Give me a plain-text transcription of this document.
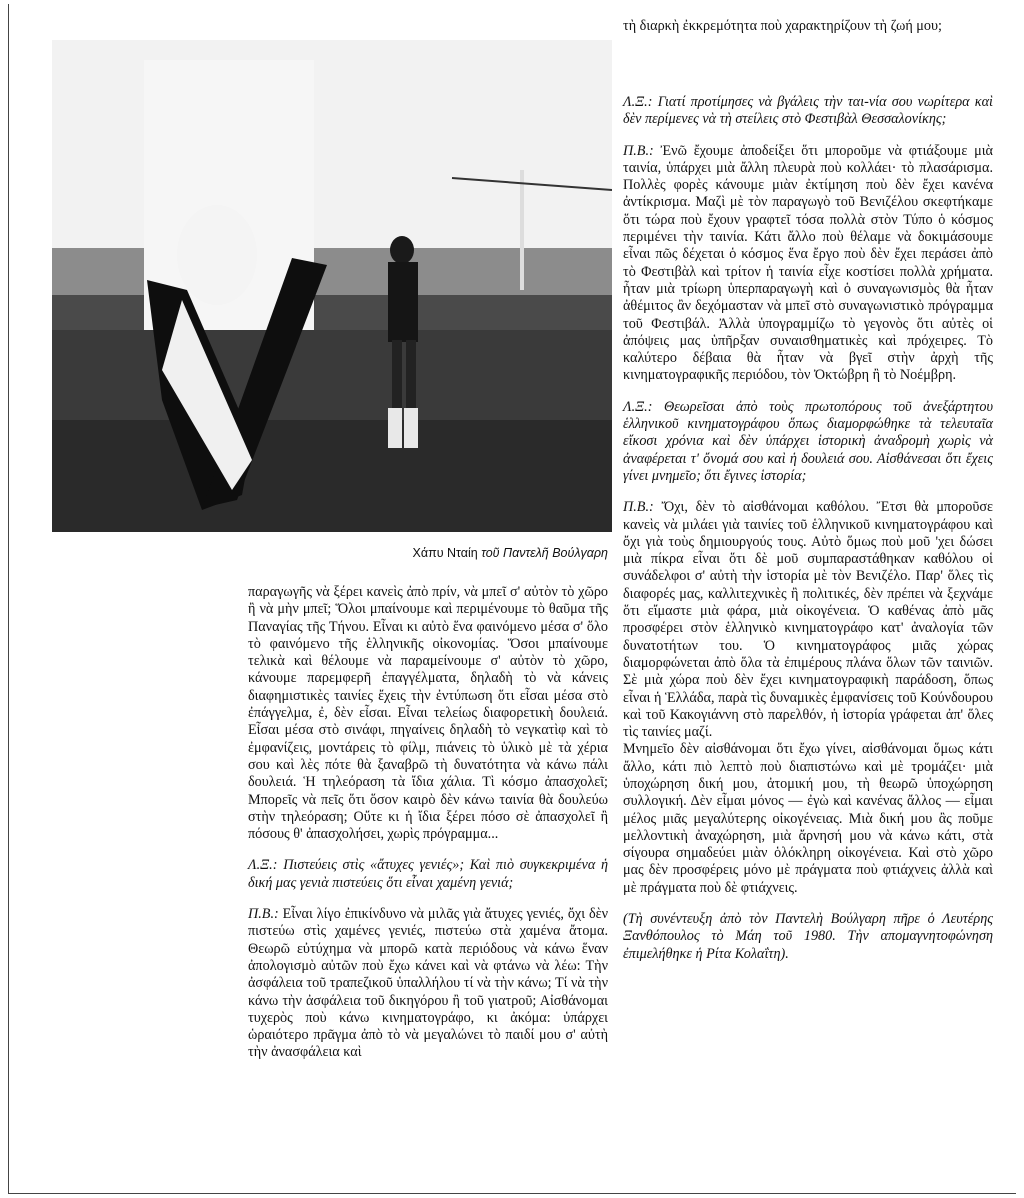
τὴ διαρκὴ ἐκκρεμότητα ποὺ χαρακτηρίζουν τὴ ζωή μου;

Χάπυ Νταίη τοῦ Παντελῆ Βούλγαρη

Λ.Ξ.: Γιατί προτίμησες νὰ βγάλεις τὴν ται-νία σου νωρίτερα καὶ δὲν περίμενες νὰ τὴ στείλεις στὸ Φεστιβὰλ Θεσσαλονίκης;

Π.Β.: Ἐνῶ ἔχουμε ἀποδείξει ὅτι μποροῦμε νὰ φτιάξουμε μιὰ ταινία, ὑπάρχει μιὰ ἄλλη πλευρὰ ποὺ κολλάει· τὸ πλασάρισμα. Πολλὲς φορὲς κάνουμε μιὰν ἐκτίμηση ποὺ δὲν ἔχει κανένα ἀντίκρισμα. Μαζὶ μὲ τὸν παραγωγὸ τοῦ Βενιζέλου σκεφτήκαμε ὅτι τώρα ποὺ ἔχουν γραφτεῖ τόσα πολλὰ στὸν Τύπο ὁ κόσμος περιμένει τὴν ταινία. Κάτι ἄλλο ποὺ θέλαμε νὰ δοκιμάσουμε εἶναι πῶς δέχεται ὁ κόσμος ἕνα ἔργο ποὺ δὲν ἔχει περάσει ἀπὸ τὸ Φεστιβὰλ καὶ τρίτον ἡ ταινία εἶχε κοστίσει πολλὰ χρήματα. ἦταν μιὰ τρίωρη ὑπερπαραγωγὴ καὶ ὁ συναγωνισμὸς θὰ ἦταν ἀθέμιτος ἂν δεχόμασταν νὰ μπεῖ στὸ συναγωνιστικὸ πρόγραμμα τοῦ Φεστιβάλ. Ἀλλὰ ὑπογραμμίζω τὸ γεγονὸς ὅτι αὐτὲς οἱ ἀπόψεις μας ὑπῆρξαν συναισθηματικὲς καὶ πρόχειρες. Τὸ καλύτερο δέβαια θὰ ἦταν νὰ βγεῖ στὴν ἀρχὴ τῆς κινηματογραφικῆς περιόδου, τὸν Ὀκτώβρη ἢ τὸ Νοέμβρη.

Λ.Ξ.: Θεωρεῖσαι ἀπὸ τοὺς πρωτοπόρους τοῦ ἀνεξάρτητου ἑλληνικοῦ κινηματογράφου ὅπως διαμορφώθηκε τὰ τελευταῖα εἴκοσι χρόνια καὶ δὲν ὑπάρχει ἱστορικὴ ἀναδρομὴ χωρὶς νὰ ἀναφέρεται τ' ὄνομά σου καὶ ἡ δουλειά σου. Αἰσθάνεσαι ὅτι ἔχεις γίνει μνημεῖο; ὅτι ἔγινες ἱστορία;

Π.Β.: Ὄχι, δὲν τὸ αἰσθάνομαι καθόλου. Ἔτσι θὰ μποροῦσε κανεὶς νὰ μιλάει γιὰ ταινίες τοῦ ἑλληνικοῦ κινηματογράφου καὶ ὄχι γιὰ τοὺς δημιουργούς τους. Αὐτὸ ὅμως ποὺ μοῦ 'χει δώσει μιὰ πίκρα εἶναι ὅτι δὲ μοῦ συμπαραστάθηκαν καθόλου οἱ συνάδελφοι σ' αὐτὴ τὴν ἱστορία μὲ τὸν Βενιζέλο. Παρ' ὅλες τὶς διαφορές μας, καλλιτεχνικὲς ἢ πολιτικές, δὲν πρέπει νὰ ξεχνάμε ὅτι εἴμαστε μιὰ φάρα, μιὰ οἰκογένεια. Ὁ καθένας ἀπὸ μᾶς προσφέρει στὸν ἑλληνικὸ κινηματογράφο κατ' ἀναλογία τῶν δυνατοτήτων του. Ὁ κινηματογράφος μιᾶς χώρας διαμορφώνεται ἀπὸ ὅλα τὰ ἐπιμέρους πλάνα ὅλων τῶν ταινιῶν. Σὲ μιὰ χώρα ποὺ δὲν ἔχει κινηματογραφικὴ παράδοση, ὅπως εἶναι ἡ Ἑλλάδα, παρὰ τὶς δυναμικὲς ἐμφανίσεις τοῦ Κούνδουρου καὶ τοῦ Κακογιάννη στὸ παρελθόν, ἡ ἱστορία γράφεται ἀπ' ὅλες τὶς ταινίες μαζί.

Μνημεῖο δὲν αἰσθάνομαι ὅτι ἔχω γίνει, αἰσθάνομαι ὅμως κάτι ἄλλο, κάτι πιὸ λεπτὸ ποὺ διαπιστώνω καὶ μὲ τρομάζει· μιὰ ὑποχώρηση δική μου, ἀτομική μου, τὴ θεωρῶ ὑποχώρηση συλλογική. Δὲν εἶμαι μόνος — ἐγὼ καὶ κανένας ἄλλος — εἶμαι μέλος μιᾶς μεγαλύτερης οἰκογένειας. Μιὰ δική μου ἂς ποῦμε μελλοντικὴ ἀναχώρηση, μιὰ ἄρνησή μου νὰ κάνω κάτι, στὰ σίγουρα σημαδεύει μιὰν ὁλόκληρη οἰκογένεια. Καὶ στὸ χῶρο μας δὲν προσφέρεις μόνο μὲ πράγματα ποὺ φτιάχνεις ἀλλὰ καὶ μὲ πράγματα ποὺ δὲ φτιάχνεις.

(Τὴ συνέντευξη ἀπὸ τὸν Παντελὴ Βούλγαρη πῆρε ὁ Λευτέρης Ξανθόπουλος τὸ Μάη τοῦ 1980. Τὴν απομαγνητοφώνηση ἐπιμελήθηκε ἡ Ρίτα Κολαΐτη).

παραγωγῆς νὰ ξέρει κανεὶς ἀπὸ πρίν, νὰ μπεῖ σ' αὐτὸν τὸ χῶρο ἢ νὰ μὴν μπεῖ; Ὅλοι μπαίνουμε καὶ περιμένουμε τὸ θαῦμα τῆς Παναγίας τῆς Τήνου. Εἶναι κι αὐτὸ ἕνα φαινόμενο μέσα σ' ὅλο τὸ φαινόμενο τῆς ἑλληνικῆς οἰκονομίας. Ὅσοι μπαίνουμε τελικὰ καὶ θέλουμε νὰ παραμείνουμε σ' αὐτὸν τὸ χῶρο, κάνουμε παρεμφερῆ ἐπαγγέλματα, δηλαδὴ τὸ νὰ κάνεις διαφημιστικὲς ταινίες ἔχεις τὴν ἐντύπωση ὅτι εἶσαι μέσα στὸ ἐπάγγελμα, ἐ, δὲν εἶσαι. Εἶναι τελείως διαφορετικὴ δουλειά. Εἶσαι μέσα στὸ σινάφι, πηγαίνεις δηλαδὴ τὸ νεγκατὶφ καὶ τὸ ἐμφανίζεις, μοντάρεις τὸ φίλμ, πιάνεις τὸ ὑλικὸ μὲ τὰ χέρια σου καὶ λὲς πότε θὰ ξαναβρῶ τὴ δυνατότητα νὰ κάνω πάλι δουλειά. Ἡ τηλεόραση τὰ ἴδια χάλια. Τὶ κόσμο ἀπασχολεῖ; Μπορεῖς νὰ πεῖς ὅτι ὅσον καιρὸ δὲν κάνω ταινία θὰ δουλεύω στὴν τηλεόραση; Οὔτε κι ἡ ἴδια ξέρει πόσο σὲ ἀπασχολεῖ ἢ πόσους θ' ἀπασχολήσει, χωρὶς πρόγραμμα...

Λ.Ξ.: Πιστεύεις στὶς «ἄτυχες γενιές»; Καὶ πιὸ συγκεκριμένα ἡ δική μας γενιὰ πιστεύεις ὅτι εἶναι χαμένη γενιά;

Π.Β.: Εἶναι λίγο ἐπικίνδυνο νὰ μιλᾶς γιὰ ἄτυχες γενιές, ὄχι δὲν πιστεύω στὶς χαμένες γενιές, πιστεύω στὰ χαμένα ἄτομα. Θεωρῶ εὐτύχημα νὰ μπορῶ κατὰ περιόδους νὰ κάνω ἕναν ἀπολογισμὸ αὐτῶν ποὺ ἔχω κάνει καὶ νὰ φτάνω νὰ λέω: Τὴν ἀσφάλεια τοῦ τραπεζικοῦ ὑπαλλήλου τί νὰ τὴν κάνω; Τί νὰ τὴν κάνω τὴν ἀσφάλεια τοῦ δικηγόρου ἢ τοῦ γιατροῦ; Αἰσθάνομαι τυχερὸς ποὺ κάνω κινηματογράφο, κι ἀκόμα: ὑπάρχει ὡραιότερο πρᾶγμα ἀπὸ τὸ νὰ μεγαλώνει τὸ παιδί μου σ' αὐτὴ τὴν ἀνασφάλεια καὶ
